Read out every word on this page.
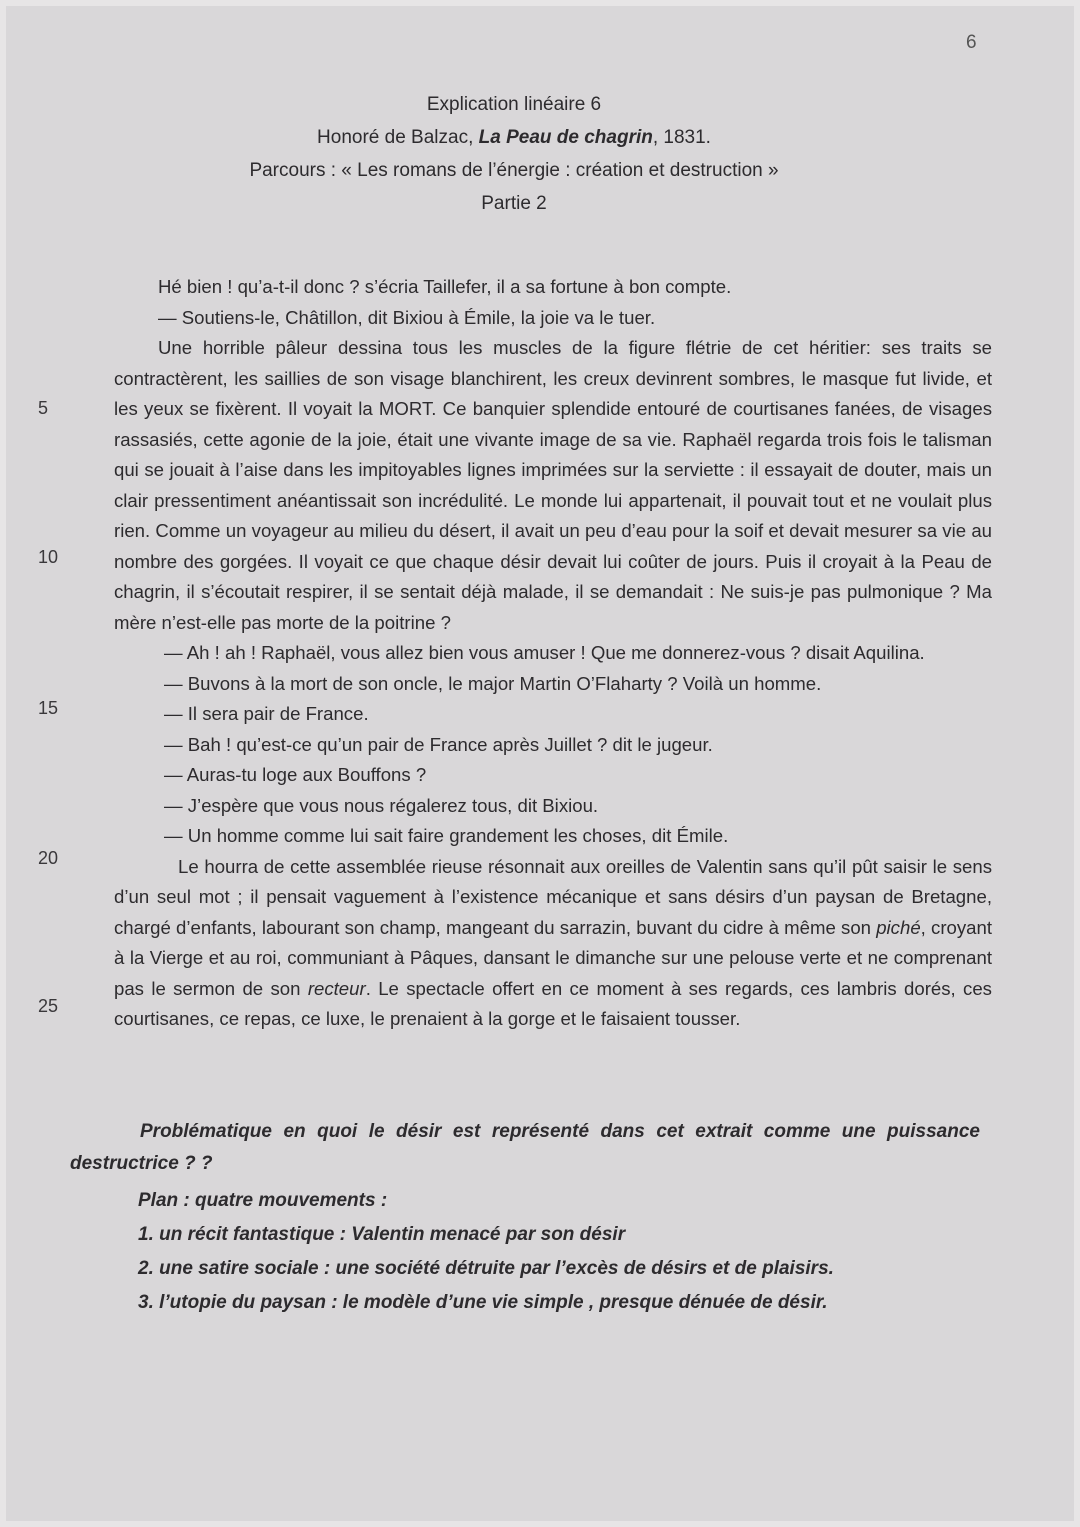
6
Explication linéaire 6
Honoré de Balzac, La Peau de chagrin, 1831.
Parcours : « Les romans de l’énergie : création et destruction »
Partie 2
5
10
15
20
25

Hé bien ! qu’a-t-il donc ? s’écria Taillefer, il a sa fortune à bon compte.

— Soutiens-le, Châtillon, dit Bixiou à Émile, la joie va le tuer.

Une horrible pâleur dessina tous les muscles de la figure flétrie de cet héritier: ses traits se contractèrent, les saillies de son visage blanchirent, les creux devinrent sombres, le masque fut livide, et les yeux se fixèrent. Il voyait la MORT. Ce banquier splendide entouré de courtisanes fanées, de visages rassasiés, cette agonie de la joie, était une vivante image de sa vie. Raphaël regarda trois fois le talisman qui se jouait à l’aise dans les impitoyables lignes imprimées sur la serviette : il essayait de douter, mais un clair pressentiment anéantissait son incrédulité. Le monde lui appartenait, il pouvait tout et ne voulait plus rien. Comme un voyageur au milieu du désert, il avait un peu d’eau pour la soif et devait mesurer sa vie au nombre des gorgées. Il voyait ce que chaque désir devait lui coûter de jours. Puis il croyait à la Peau de chagrin, il s’écoutait respirer, il se sentait déjà malade, il se demandait : Ne suis-je pas pulmonique ? Ma mère n’est-elle pas morte de la poitrine ?

— Ah ! ah ! Raphaël, vous allez bien vous amuser ! Que me donnerez-vous ? disait Aquilina.

— Buvons à la mort de son oncle, le major Martin O’Flaharty ? Voilà un homme.

— Il sera pair de France.

— Bah ! qu’est-ce qu’un pair de France après Juillet ? dit le jugeur.

— Auras-tu loge aux Bouffons ?

— J’espère que vous nous régalerez tous, dit Bixiou.

— Un homme comme lui sait faire grandement les choses, dit Émile.

Le hourra de cette assemblée rieuse résonnait aux oreilles de Valentin sans qu’il pût saisir le sens d’un seul mot ; il pensait vaguement à l’existence mécanique et sans désirs d’un paysan de Bretagne, chargé d’enfants, labourant son champ, mangeant du sarrazin, buvant du cidre à même son piché, croyant à la Vierge et au roi, communiant à Pâques, dansant le dimanche sur une pelouse verte et ne comprenant pas le sermon de son recteur. Le spectacle offert en ce moment à ses regards, ces lambris dorés, ces courtisanes, ce repas, ce luxe, le prenaient à la gorge et le faisaient tousser.

Problématique en quoi le désir est représenté dans cet extrait comme une puissance destructrice ? ?
Plan : quatre mouvements :
1. un récit fantastique : Valentin menacé par son désir
2. une satire sociale : une société détruite par l’excès de désirs et de plaisirs.
3. l’utopie du paysan : le modèle d’une vie simple , presque dénuée de désir.
